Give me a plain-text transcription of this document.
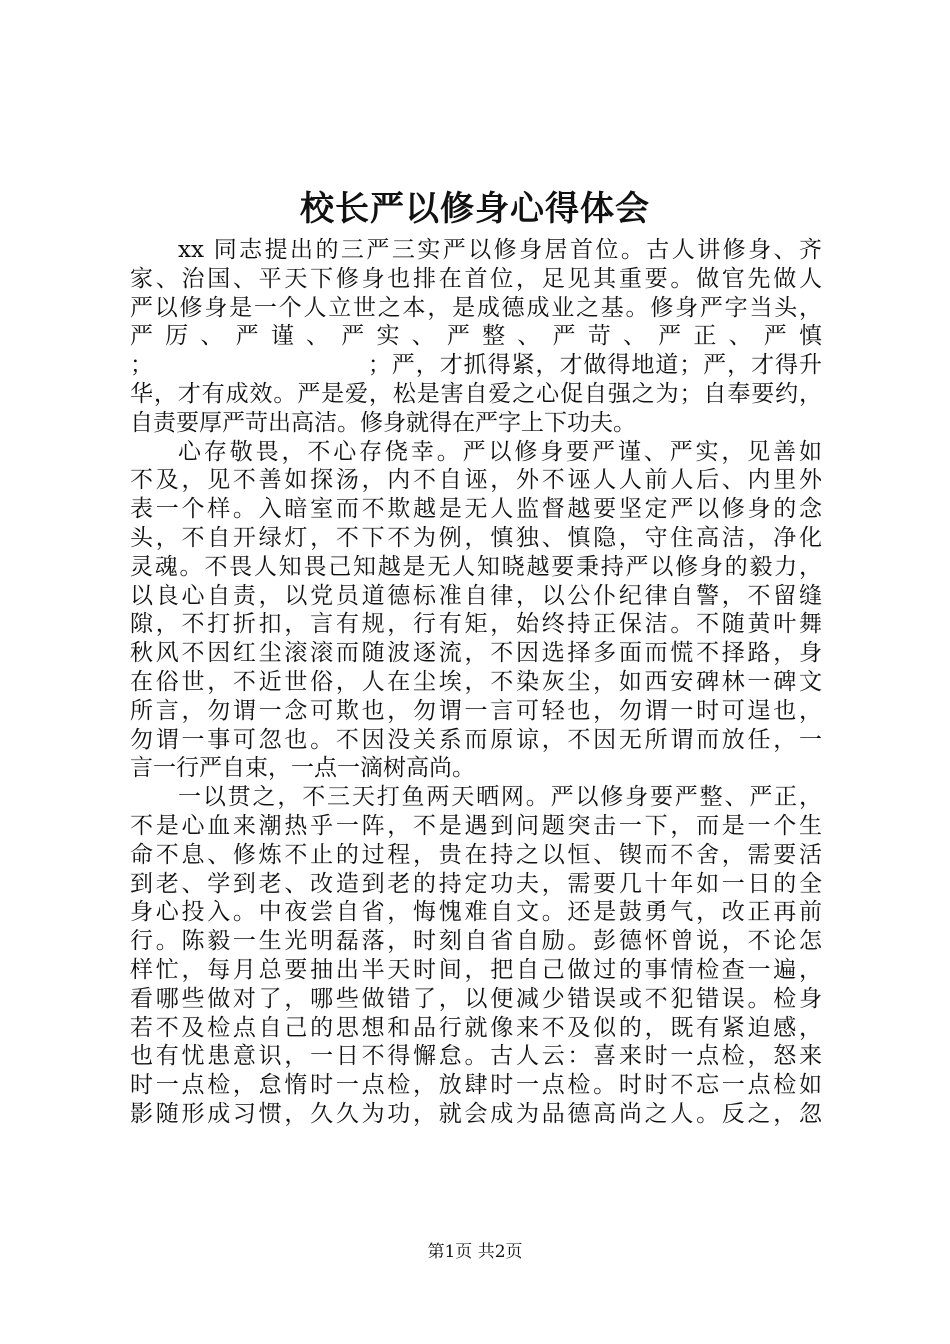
校长严以修身心得体会
xx 同志提出的三严三实严以修身居首位。古人讲修身、齐
家、治国、平天下修身也排在首位，足见其重要。做官先做人
严以修身是一个人立世之本，是成德成业之基。修身严字当头，
严 厉 、 严 谨 、 严 实 、 严 整 、 严 苛 、 严 正 、 严 慎
；                          ；严，才抓得紧，才做得地道；严，才得升
华，才有成效。严是爱，松是害自爱之心促自强之为；自奉要约，
自责要厚严苛出高洁。修身就得在严字上下功夫。
心存敬畏，不心存侥幸。严以修身要严谨、严实，见善如
不及，见不善如探汤，内不自诬，外不诬人人前人后、内里外
表一个样。入暗室而不欺越是无人监督越要坚定严以修身的念
头，不自开绿灯，不下不为例，慎独、慎隐，守住高洁，净化
灵魂。不畏人知畏己知越是无人知晓越要秉持严以修身的毅力，
以良心自责，以党员道德标准自律，以公仆纪律自警，不留缝
隙，不打折扣，言有规，行有矩，始终持正保洁。不随黄叶舞
秋风不因红尘滚滚而随波逐流，不因选择多面而慌不择路，身
在俗世，不近世俗，人在尘埃，不染灰尘，如西安碑林一碑文
所言，勿谓一念可欺也，勿谓一言可轻也，勿谓一时可逞也，
勿谓一事可忽也。不因没关系而原谅，不因无所谓而放任，一
言一行严自束，一点一滴树高尚。
一以贯之，不三天打鱼两天晒网。严以修身要严整、严正，
不是心血来潮热乎一阵，不是遇到问题突击一下，而是一个生
命不息、修炼不止的过程，贵在持之以恒、锲而不舍，需要活
到老、学到老、改造到老的持定功夫，需要几十年如一日的全
身心投入。中夜尝自省，悔愧难自文。还是鼓勇气，改正再前
行。陈毅一生光明磊落，时刻自省自励。彭德怀曾说，不论怎
样忙，每月总要抽出半天时间，把自己做过的事情检查一遍，
看哪些做对了，哪些做错了，以便减少错误或不犯错误。检身
若不及检点自己的思想和品行就像来不及似的，既有紧迫感，
也有忧患意识，一日不得懈怠。古人云：喜来时一点检，怒来
时一点检，怠惰时一点检，放肆时一点检。时时不忘一点检如
影随形成习惯，久久为功，就会成为品德高尚之人。反之，忽
第1页 共2页
